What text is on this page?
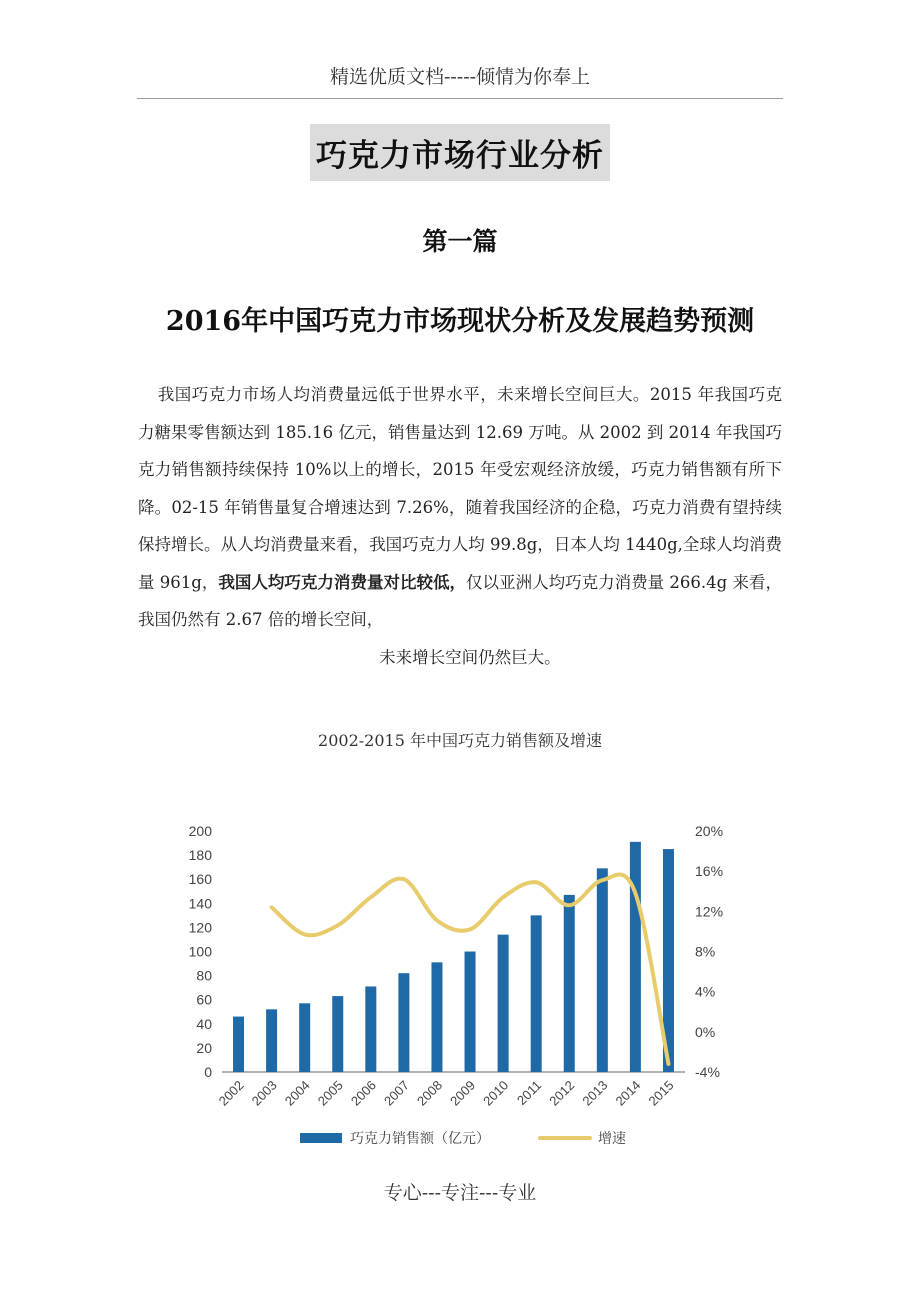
精选优质文档-----倾情为你奉上
巧克力市场行业分析
第一篇
2016年中国巧克力市场现状分析及发展趋势预测

我国巧克力市场人均消费量远低于世界水平，未来增长空间巨大。2015 年我国巧克力糖果零售额达到 185.16 亿元，销售量达到 12.69 万吨。从 2002 到 2014 年我国巧克力销售额持续保持 10%以上的增长，2015 年受宏观经济放缓，巧克力销售额有所下降。02-15 年销售量复合增速达到 7.26%，随着我国经济的企稳，巧克力消费有望持续保持增长。从人均消费量来看，我国巧克力人均 99.8g，日本人均 1440g,全球人均消费量 961g，我国人均巧克力消费量对比较低，仅以亚洲人均巧克力消费量 266.4g 来看，我国仍然有 2.67 倍的增长空间，
未来增长空间仍然巨大。

2002-2015 年中国巧克力销售额及增速
0
20
40
60
80
100
120
140
160
180
200
-4%
0%
4%
8%
12%
16%
20%
2002 2003 2004 2005 2006 2007 2008 2009 2010 2011 2012 2013 2014 2015
巧克力销售额（亿元）	增速
专心---专注---专业
